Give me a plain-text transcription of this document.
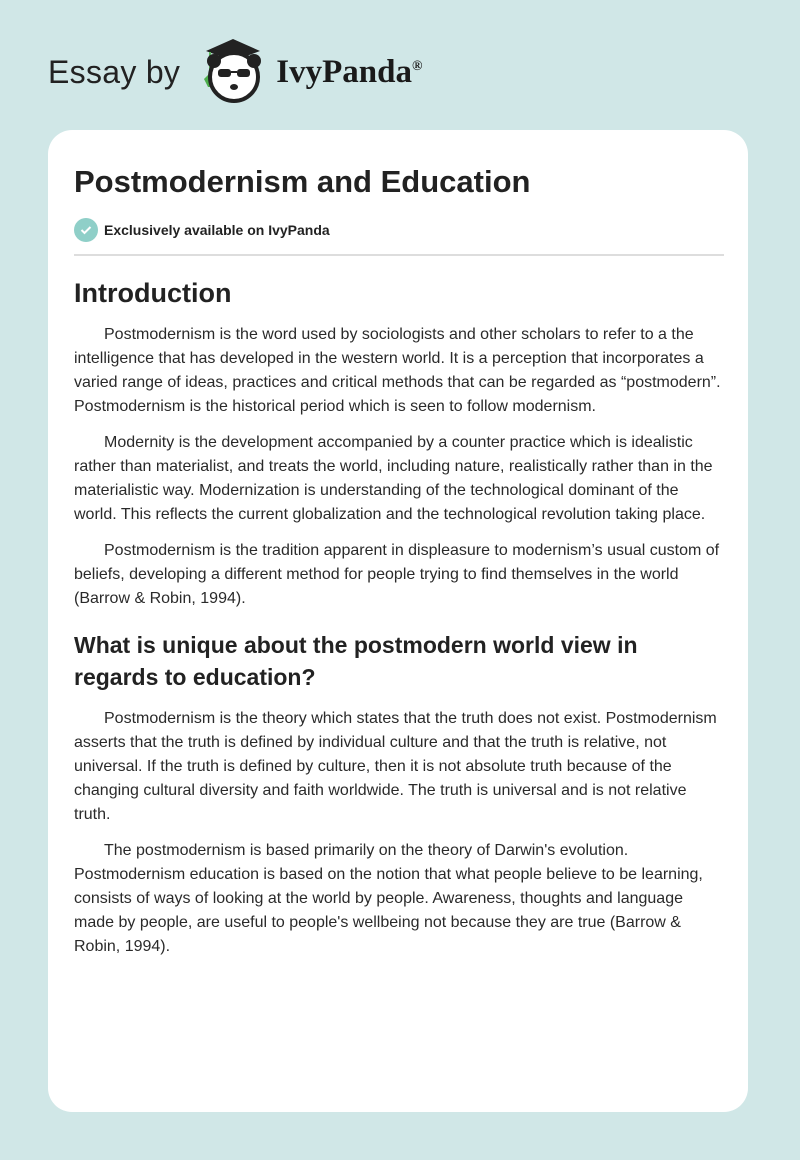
Essay by	IvyPanda®
Postmodernism and Education
Exclusively available on IvyPanda
Introduction

Postmodernism is the word used by sociologists and other scholars to refer to a the intelligence that has developed in the western world. It is a perception that incorporates a varied range of ideas, practices and critical methods that can be regarded as “postmodern”. Postmodernism is the historical period which is seen to follow modernism.

Modernity is the development accompanied by a counter practice which is idealistic rather than materialist, and treats the world, including nature, realistically rather than in the materialistic way. Modernization is understanding of the technological dominant of the world. This reflects the current globalization and the technological revolution taking place.

Postmodernism is the tradition apparent in displeasure to modernism’s usual custom of beliefs, developing a different method for people trying to find themselves in the world (Barrow & Robin, 1994).

What is unique about the postmodern world view in regards to education?

Postmodernism is the theory which states that the truth does not exist. Postmodernism asserts that the truth is defined by individual culture and that the truth is relative, not universal. If the truth is defined by culture, then it is not absolute truth because of the changing cultural diversity and faith worldwide. The truth is universal and is not relative truth.

The postmodernism is based primarily on the theory of Darwin's evolution. Postmodernism education is based on the notion that what people believe to be learning, consists of ways of looking at the world by people. Awareness, thoughts and language made by people, are useful to people's wellbeing not because they are true (Barrow & Robin, 1994).
